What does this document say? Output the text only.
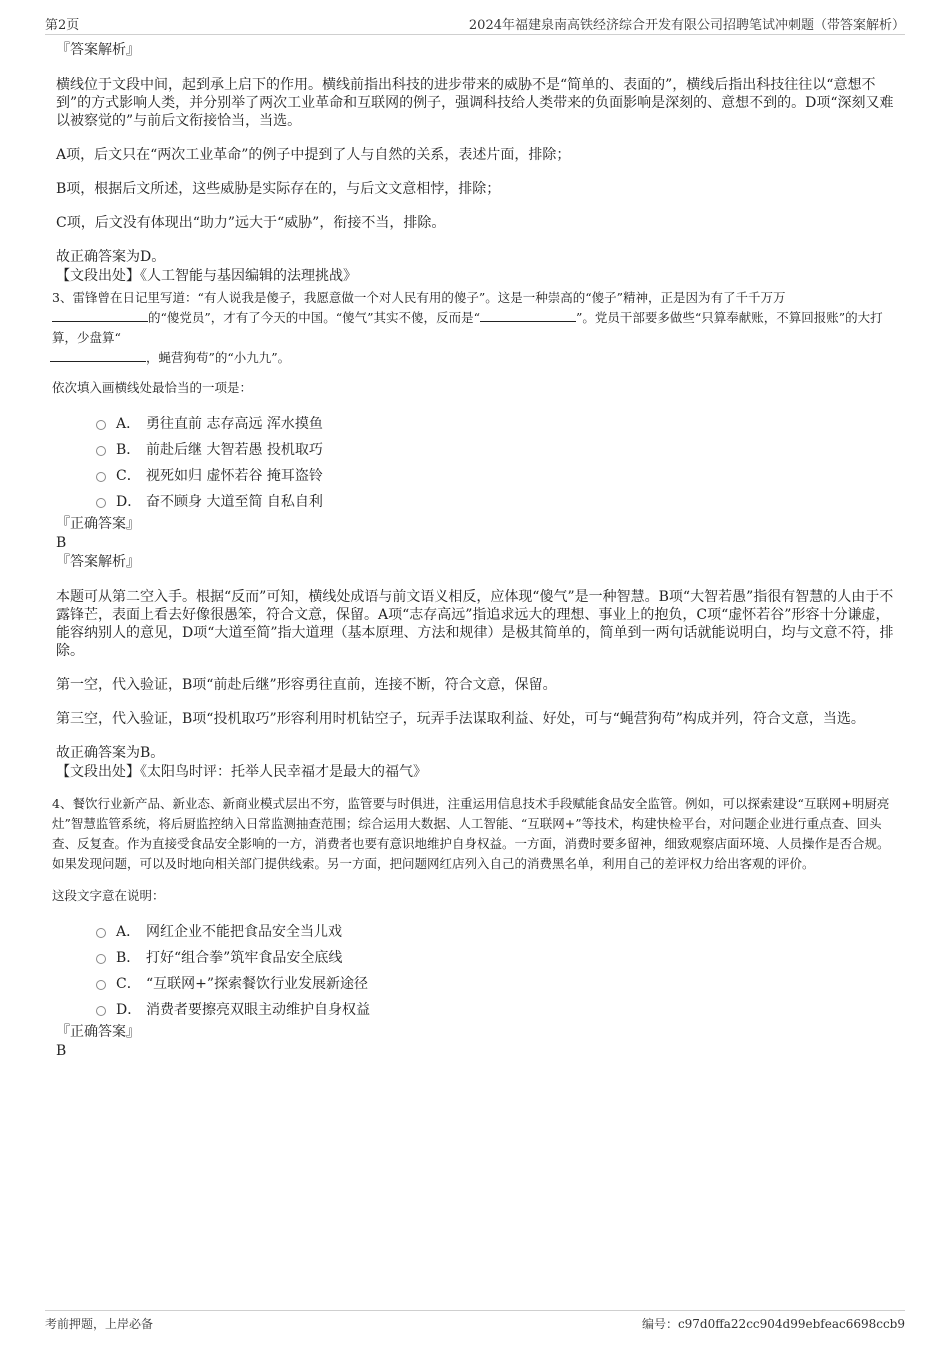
第2页	2024年福建泉南高铁经济综合开发有限公司招聘笔试冲刺题（带答案解析）

『答案解析』

横线位于文段中间，起到承上启下的作用。横线前指出科技的进步带来的威胁不是“简单的、表面的”，横线后指出科技往往以“意想不到”的方式影响人类，并分别举了两次工业革命和互联网的例子，强调科技给人类带来的负面影响是深刻的、意想不到的。D项“深刻又难以被察觉的”与前后文衔接恰当，当选。

A项，后文只在“两次工业革命”的例子中提到了人与自然的关系，表述片面，排除；

B项，根据后文所述，这些威胁是实际存在的，与后文文意相悖，排除；

C项，后文没有体现出“助力”远大于“威胁”，衔接不当，排除。

故正确答案为D。

【文段出处】《人工智能与基因编辑的法理挑战》

3、雷锋曾在日记里写道：“有人说我是傻子，我愿意做一个对人民有用的傻子”。这是一种崇高的“傻子”精神，正是因为有了千千万万
的“傻党员”，才有了今天的中国。“傻气”其实不傻，反而是“	”。党员干部要多做些“只算奉献账，不算回报账”的大打算，少盘算“
，蝇营狗苟”的“小九九”。

依次填入画横线处最恰当的一项是：

A． 勇往直前 志存高远 浑水摸鱼
B． 前赴后继 大智若愚 投机取巧
C． 视死如归 虚怀若谷 掩耳盗铃
D． 奋不顾身 大道至简 自私自利

『正确答案』

B

『答案解析』

本题可从第二空入手。根据“反而”可知，横线处成语与前文语义相反，应体现“傻气”是一种智慧。B项“大智若愚”指很有智慧的人由于不露锋芒，表面上看去好像很愚笨，符合文意，保留。A项“志存高远”指追求远大的理想、事业上的抱负，C项“虚怀若谷”形容十分谦虚，能容纳别人的意见，D项“大道至简”指大道理（基本原理、方法和规律）是极其简单的，简单到一两句话就能说明白，均与文意不符，排除。

第一空，代入验证，B项“前赴后继”形容勇往直前，连接不断，符合文意，保留。

第三空，代入验证，B项“投机取巧”形容利用时机钻空子，玩弄手法谋取利益、好处，可与“蝇营狗苟”构成并列，符合文意，当选。

故正确答案为B。

【文段出处】《太阳鸟时评：托举人民幸福才是最大的福气》

4、餐饮行业新产品、新业态、新商业模式层出不穷，监管要与时俱进，注重运用信息技术手段赋能食品安全监管。例如，可以探索建设“互联网+明厨亮灶”智慧监管系统，将后厨监控纳入日常监测抽查范围；综合运用大数据、人工智能、“互联网+”等技术，构建快检平台，对问题企业进行重点查、回头查、反复查。作为直接受食品安全影响的一方，消费者也要有意识地维护自身权益。一方面，消费时要多留神，细致观察店面环境、人员操作是否合规。如果发现问题，可以及时地向相关部门提供线索。另一方面，把问题网红店列入自己的消费黑名单，利用自己的差评权力给出客观的评价。

这段文字意在说明：

A． 网红企业不能把食品安全当儿戏
B． 打好“组合拳”筑牢食品安全底线
C． “互联网+”探索餐饮行业发展新途径
D． 消费者要擦亮双眼主动维护自身权益

『正确答案』

B

考前押题，上岸必备	编号：c97d0ffa22cc904d99ebfeac6698ccb9
